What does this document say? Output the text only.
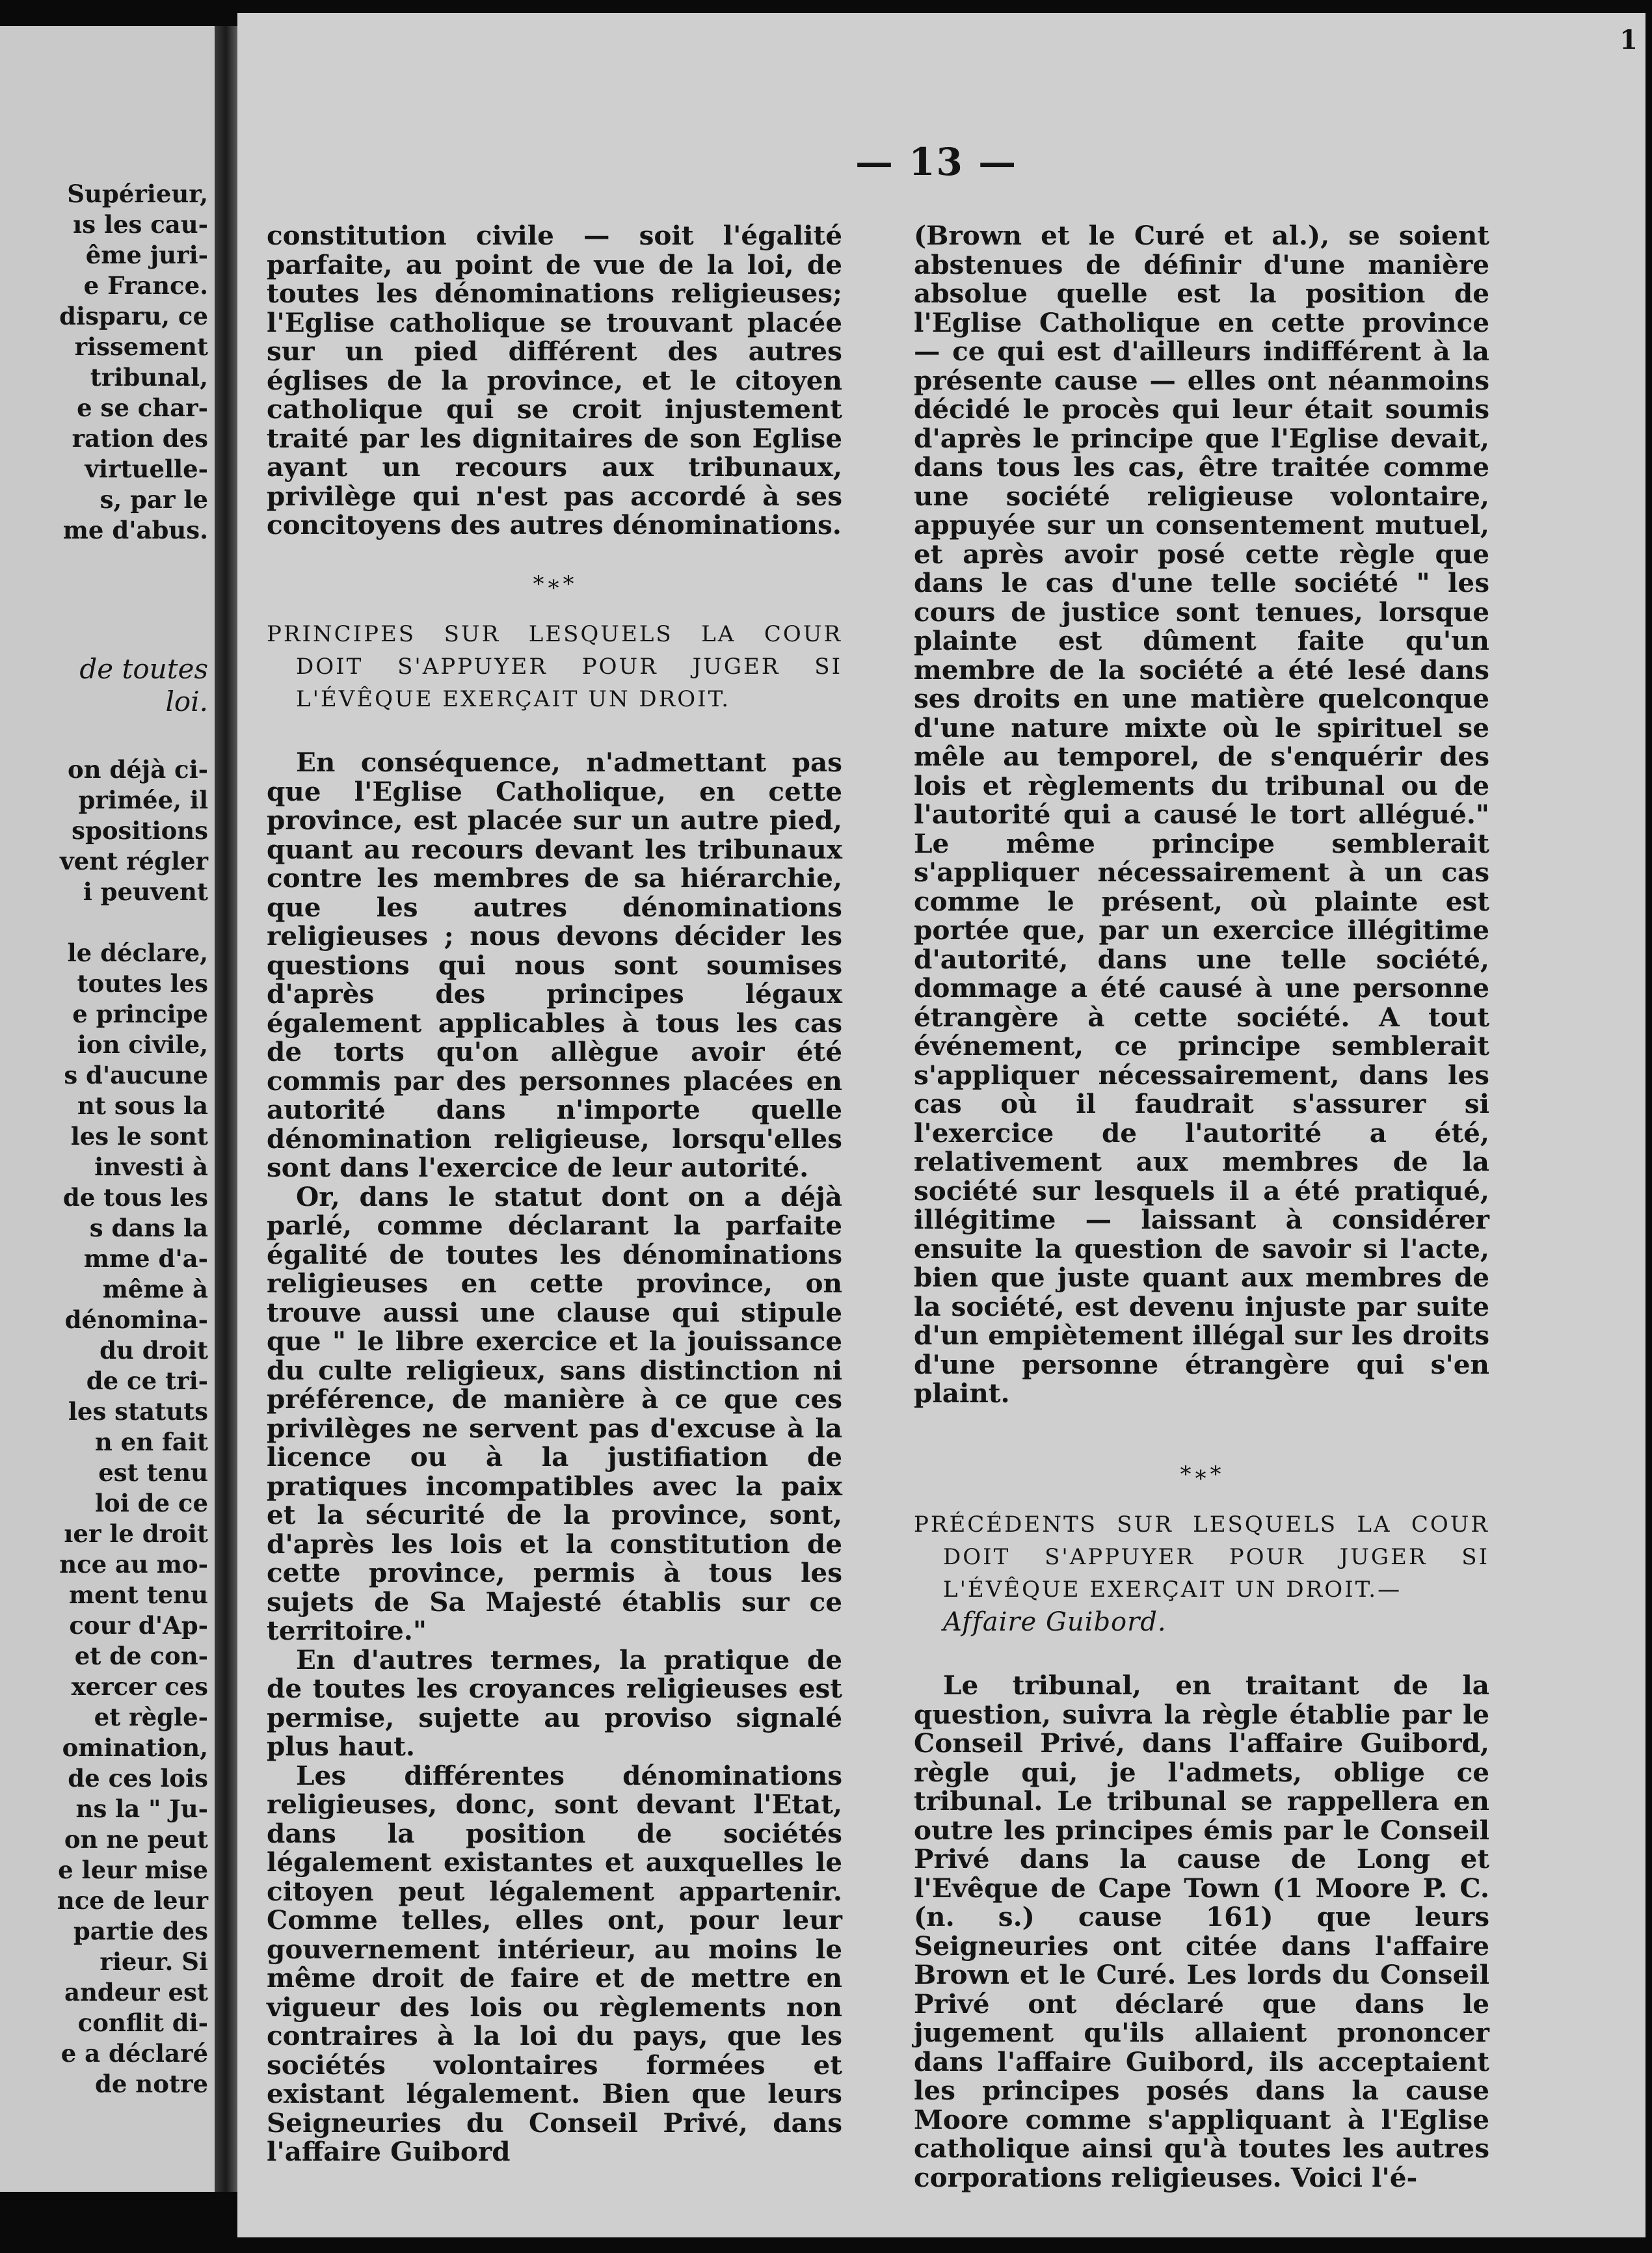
Supérieur,
ıs les cau-
ême juri-
e France.
disparu, ce
rissement
tribunal,
e se char-
ration des
virtuelle-
s, par le
me d'abus.
de toutes
loi.
on déjà ci-
primée, il
spositions
vent régler
i peuvent
le déclare,
toutes les
e principe
ion civile,
s d'aucune
nt sous la
les le sont
investi à
de tous les
s dans la
mme d'a-
même à
dénomina-
du droit
de ce tri-
les statuts
n en fait
est tenu
loi de ce
ıer le droit
nce au mo-
ment tenu
cour d'Ap-
et de con-
xercer ces
et règle-
omination,
de ces lois
ns la " Ju-
on ne peut
e leur mise
nce de leur
partie des
rieur. Si
andeur est
conflit di-
e a déclaré
de notre
1
— 13 —

constitution civile — soit l'égalité parfaite, au point de vue de la loi, de toutes les dénominations religieuses; l'Eglise catholique se trouvant placée sur un pied différent des autres églises de la province, et le citoyen catholique qui se croit injustement traité par les dignitaires de son Eglise ayant un recours aux tribunaux, privilège qui n'est pas accordé à ses concitoyens des autres dénominations.

*∗*
PRINCIPES SUR LESQUELS LA COUR
DOIT S'APPUYER POUR JUGER SI
L'ÉVÊQUE EXERÇAIT UN DROIT.

En conséquence, n'admettant pas que l'Eglise Catholique, en cette province, est placée sur un autre pied, quant au recours devant les tribunaux contre les membres de sa hiérarchie, que les autres dénominations religieuses ; nous devons décider les questions qui nous sont soumises d'après des principes légaux également applicables à tous les cas de torts qu'on allègue avoir été commis par des personnes placées en autorité dans n'importe quelle dénomination religieuse, lorsqu'elles sont dans l'exercice de leur autorité.

Or, dans le statut dont on a déjà parlé, comme déclarant la parfaite égalité de toutes les dénominations religieuses en cette province, on trouve aussi une clause qui stipule que " le libre exercice et la jouissance du culte religieux, sans distinction ni préférence, de manière à ce que ces privilèges ne servent pas d'excuse à la licence ou à la justifiation de pratiques incompatibles avec la paix et la sécurité de la province, sont, d'après les lois et la constitution de cette province, permis à tous les sujets de Sa Majesté établis sur ce territoire."

En d'autres termes, la pratique de de toutes les croyances religieuses est permise, sujette au proviso signalé plus haut.

Les différentes dénominations religieuses, donc, sont devant l'Etat, dans la position de sociétés légalement existantes et auxquelles le citoyen peut légalement appartenir. Comme telles, elles ont, pour leur gouvernement intérieur, au moins le même droit de faire et de mettre en vigueur des lois ou règlements non contraires à la loi du pays, que les sociétés volontaires formées et existant légalement. Bien que leurs Seigneuries du Conseil Privé, dans l'affaire Guibord

(Brown et le Curé et al.), se soient abstenues de définir d'une manière absolue quelle est la position de l'Eglise Catholique en cette province — ce qui est d'ailleurs indifférent à la présente cause — elles ont néanmoins décidé le procès qui leur était soumis d'après le principe que l'Eglise devait, dans tous les cas, être traitée comme une société religieuse volontaire, appuyée sur un consentement mutuel, et après avoir posé cette règle que dans le cas d'une telle société " les cours de justice sont tenues, lorsque plainte est dûment faite qu'un membre de la société a été lesé dans ses droits en une matière quelconque d'une nature mixte où le spirituel se mêle au temporel, de s'enquérir des lois et règlements du tribunal ou de l'autorité qui a causé le tort allégué." Le même principe semblerait s'appliquer nécessairement à un cas comme le présent, où plainte est portée que, par un exercice illégitime d'autorité, dans une telle société, dommage a été causé à une personne étrangère à cette société. A tout événement, ce principe semblerait s'appliquer nécessairement, dans les cas où il faudrait s'assurer si l'exercice de l'autorité a été, relativement aux membres de la société sur lesquels il a été pratiqué, illégitime — laissant à considérer ensuite la question de savoir si l'acte, bien que juste quant aux membres de la société, est devenu injuste par suite d'un empiètement illégal sur les droits d'une personne étrangère qui s'en plaint.

*∗*
PRÉCÉDENTS SUR LESQUELS LA COUR
DOIT S'APPUYER POUR JUGER SI
L'ÉVÊQUE EXERÇAIT UN DROIT.—
Affaire Guibord.

Le tribunal, en traitant de la question, suivra la règle établie par le Conseil Privé, dans l'affaire Guibord, règle qui, je l'admets, oblige ce tribunal. Le tribunal se rappellera en outre les principes émis par le Conseil Privé dans la cause de Long et l'Evêque de Cape Town (1 Moore P. C. (n. s.) cause 161) que leurs Seigneuries ont citée dans l'affaire Brown et le Curé. Les lords du Conseil Privé ont déclaré que dans le jugement qu'ils allaient prononcer dans l'affaire Guibord, ils acceptaient les principes posés dans la cause Moore comme s'appliquant à l'Eglise catholique ainsi qu'à toutes les autres corporations religieuses. Voici l'é-
